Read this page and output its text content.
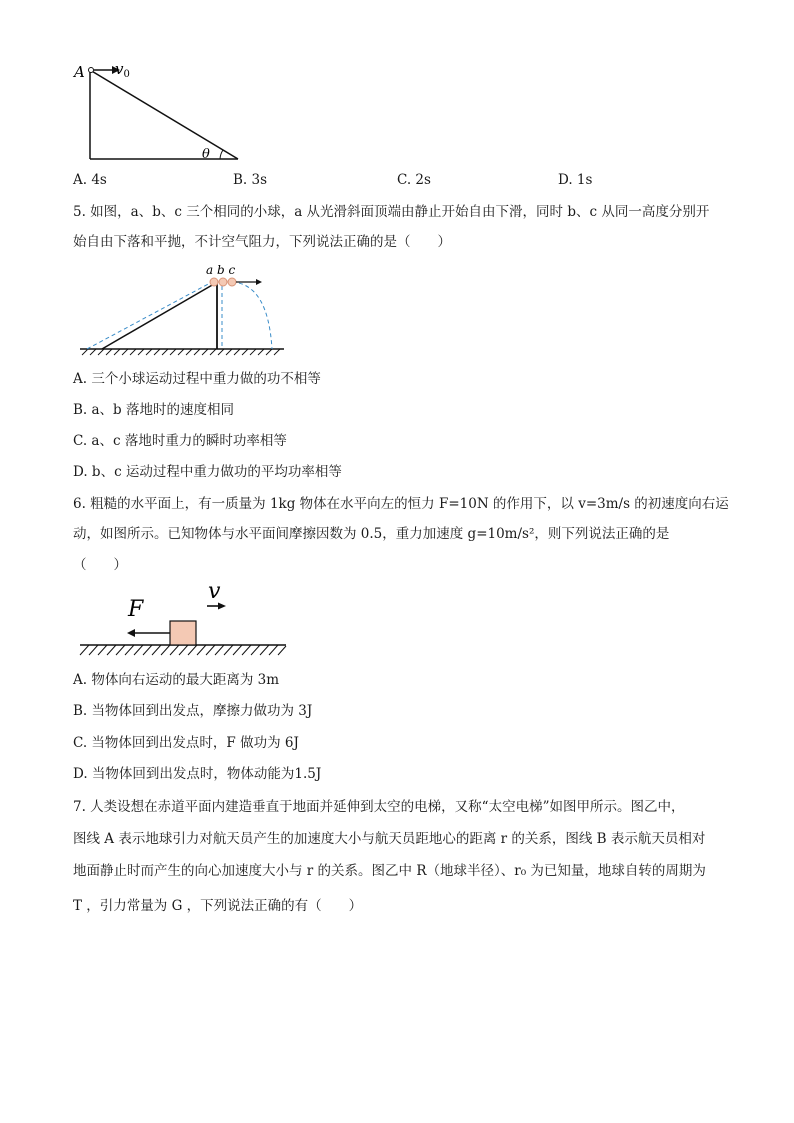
A $v_0$
θ
A. 4s	B. 3s	C. 2s	D. 1s
5. 如图，a、b、c 三个相同的小球，a 从光滑斜面顶端由静止开始自由下滑，同时 b、c 从同一高度分别开
始自由下落和平抛，不计空气阻力，下列说法正确的是（　　）
a b c
A. 三个小球运动过程中重力做的功不相等
B. a、b 落地时的速度相同
C. a、c 落地时重力的瞬时功率相等
D. b、c 运动过程中重力做功的平均功率相等
6. 粗糙的水平面上，有一质量为 1kg 物体在水平向左的恒力 F=10N 的作用下，以 v=3m/s 的初速度向右运
动，如图所示。已知物体与水平面间摩擦因数为 0.5，重力加速度 g=10m/s²，则下列说法正确的是
（　　）
F
v
A. 物体向右运动的最大距离为 3m
B. 当物体回到出发点，摩擦力做功为 3J
C. 当物体回到出发点时，F 做功为 6J
D. 当物体回到出发点时，物体动能为1.5J
7. 人类设想在赤道平面内建造垂直于地面并延伸到太空的电梯，又称“太空电梯”如图甲所示。图乙中，
图线 A 表示地球引力对航天员产生的加速度大小与航天员距地心的距离 r 的关系，图线 B 表示航天员相对
地面静止时而产生的向心加速度大小与 r 的关系。图乙中 R（地球半径）、r₀ 为已知量，地球自转的周期为
T ，引力常量为 G ，下列说法正确的有（　　）
